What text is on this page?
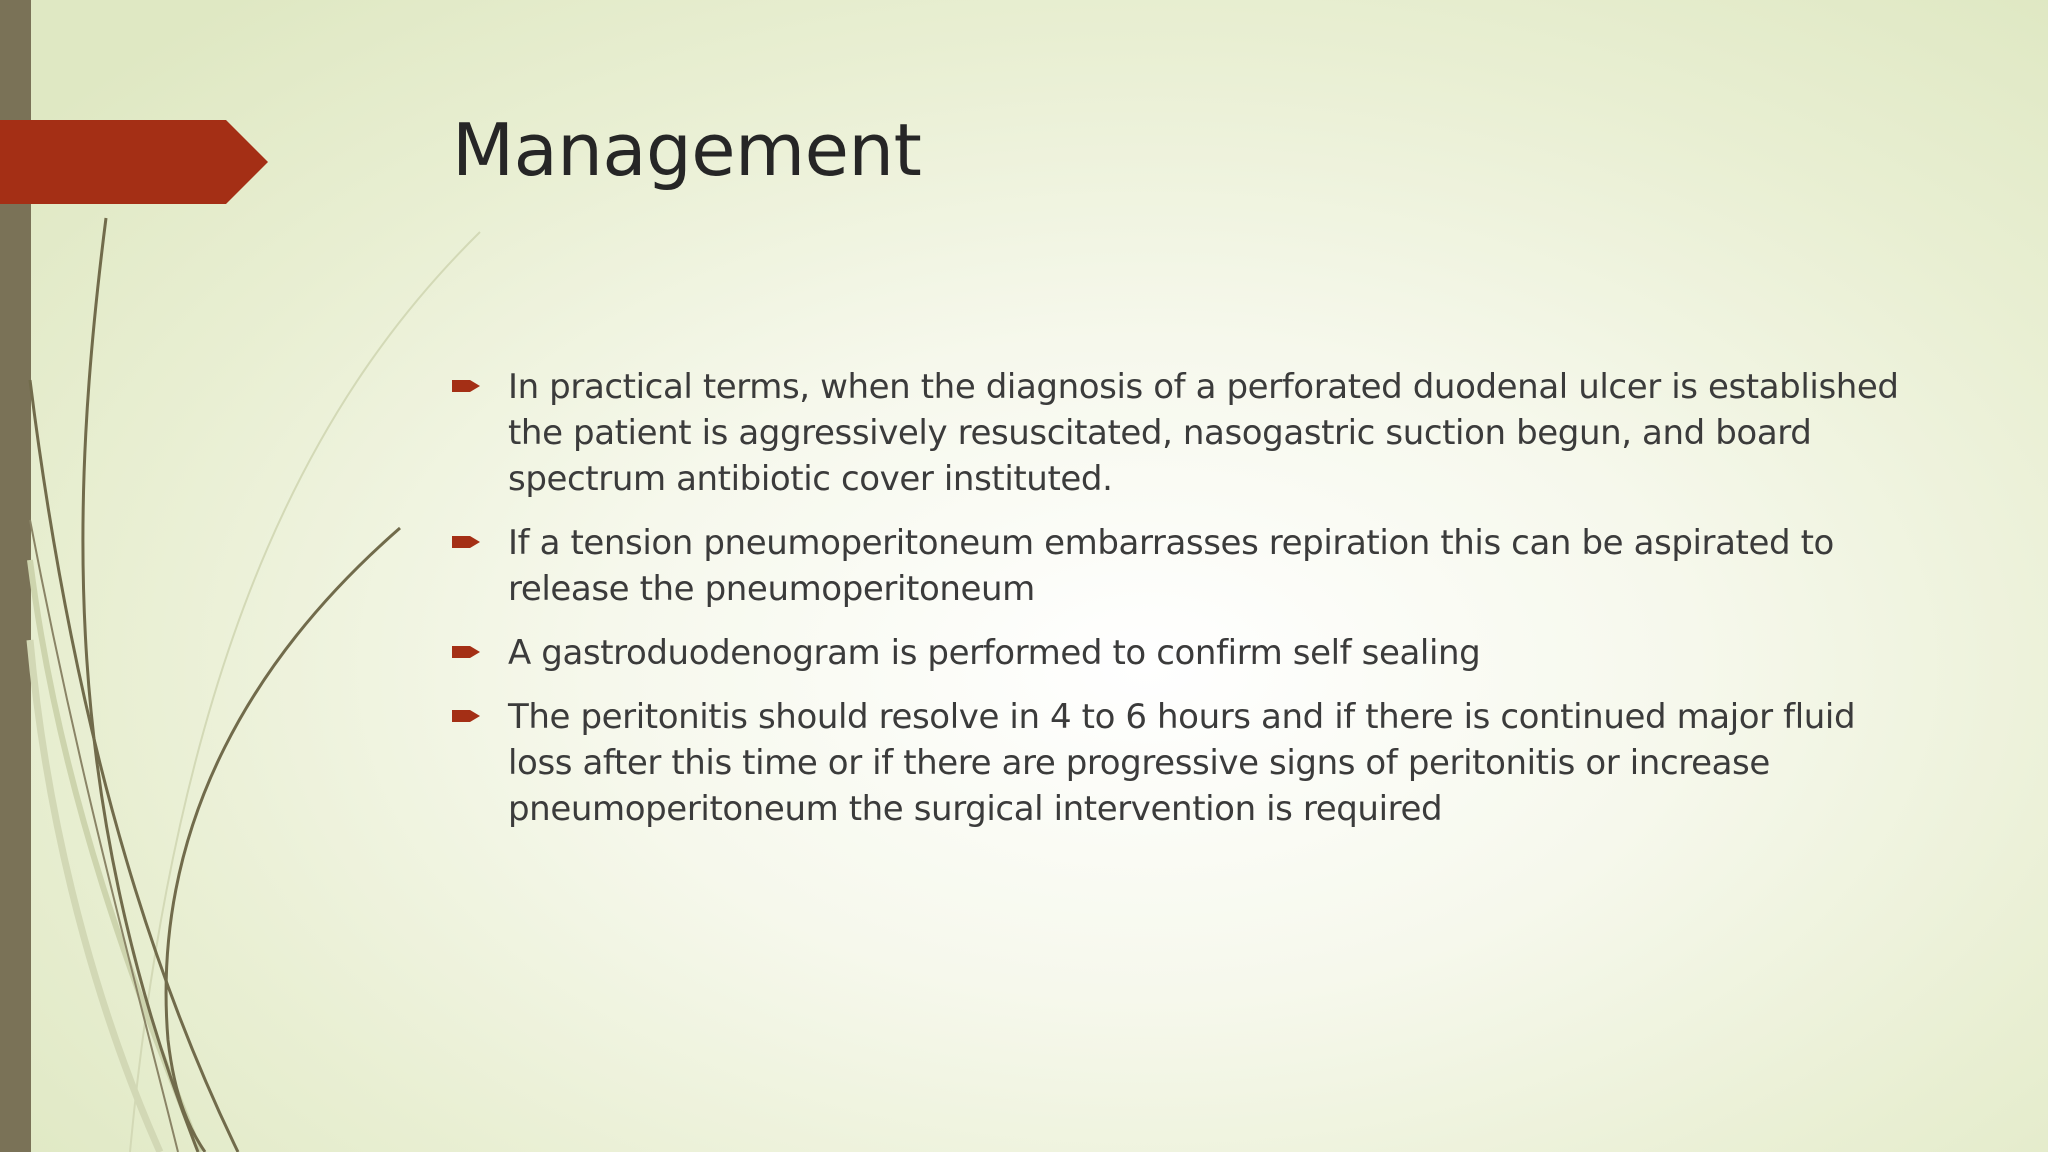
Management
In practical terms, when the diagnosis of a perforated duodenal ulcer is established the patient is aggressively resuscitated, nasogastric suction begun, and board spectrum antibiotic cover instituted.
If a tension pneumoperitoneum embarrasses repiration this can be aspirated to release the pneumoperitoneum
A gastroduodenogram is performed to confirm self sealing
The peritonitis should resolve in 4 to 6 hours and if there is continued major fluid loss after this time or if there are progressive signs of peritonitis or increase pneumoperitoneum the surgical intervention is required
